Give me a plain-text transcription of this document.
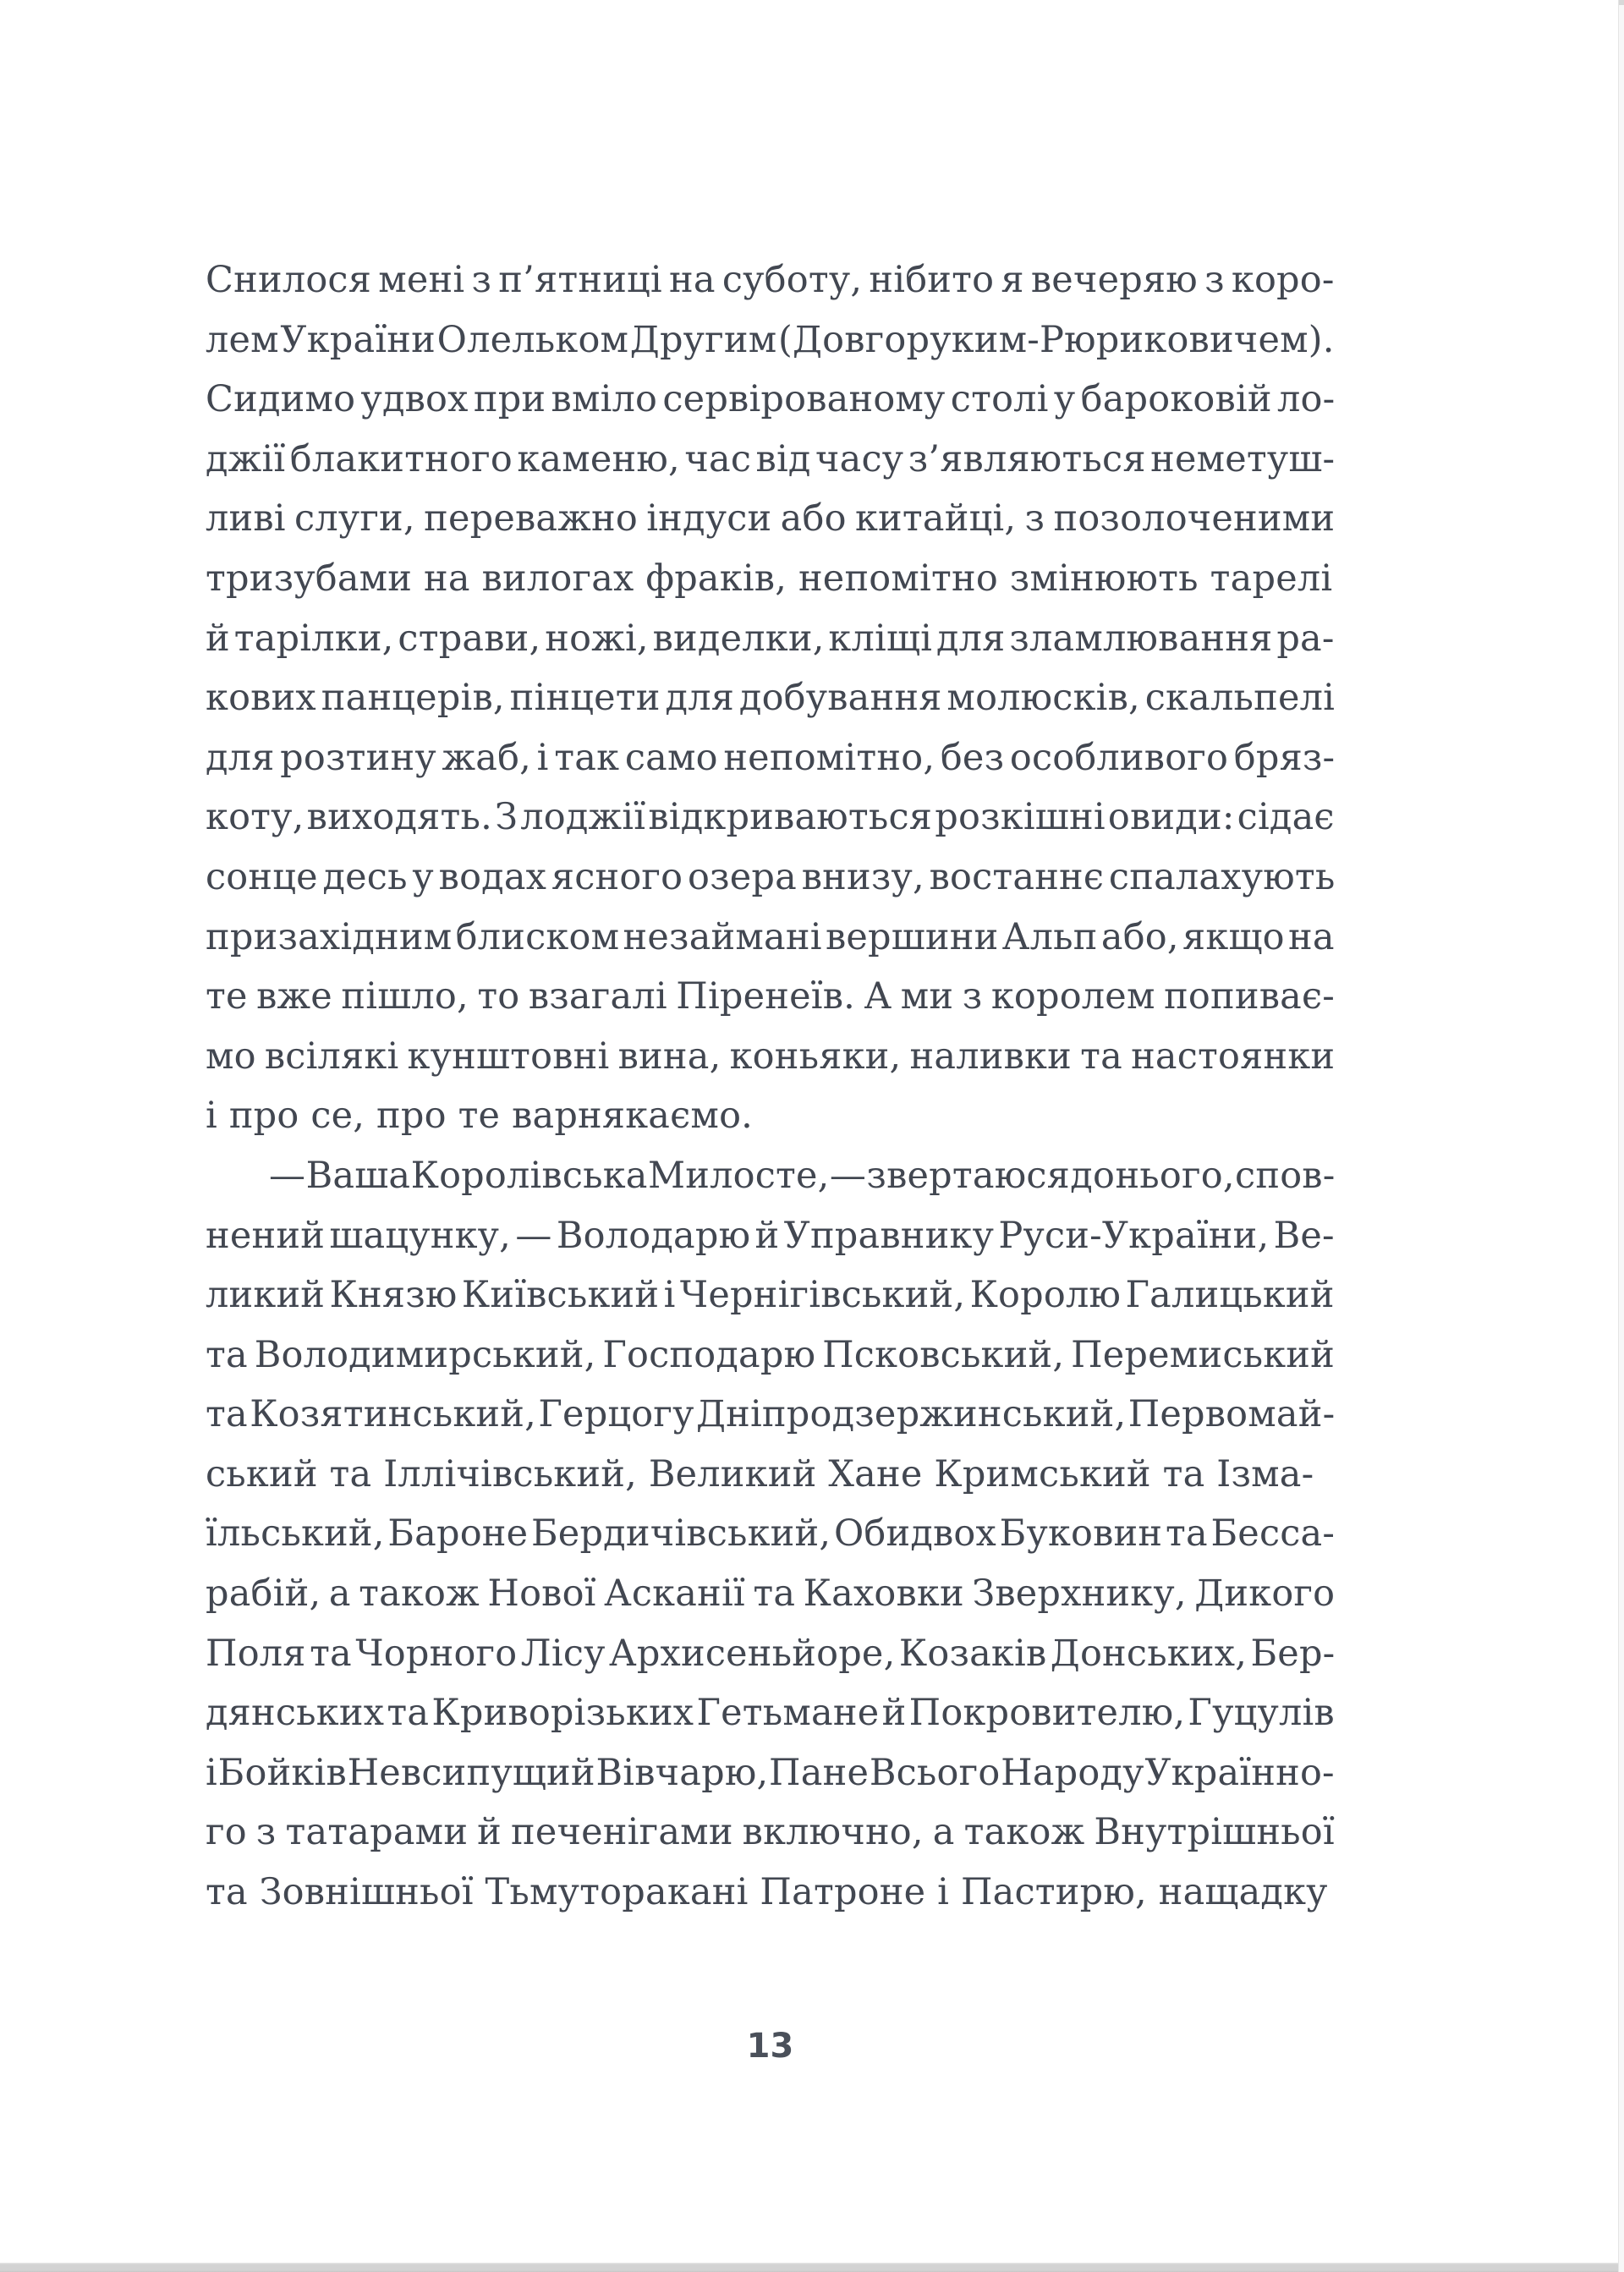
Снилося мені з п’ятниці на суботу, нібито я вечеряю з коро-
лем України Олельком Другим (Довгоруким-Рюриковичем).
Сидимо удвох при вміло сервірованому столі у бароковій ло-
джії блакитного каменю, час від часу з’являються неметуш-
ливі слуги, переважно індуси або китайці, з позолоченими
тризубами на вилогах фраків, непомітно змінюють тарелі
й тарілки, страви, ножі, виделки, кліщі для зламлювання ра-
кових панцерів, пінцети для добування молюсків, скальпелі
для розтину жаб, і так само непомітно, без особливого бряз-
коту, виходять. З лоджії відкриваються розкішні овиди: сідає
сонце десь у водах ясного озера внизу, востаннє спалахують
призахідним блиском незаймані вершини Альп або, якщо на
те вже пішло, то взагалі Піренеїв. А ми з королем попиває-
мо всілякі кунштовні вина, коньяки, наливки та настоянки
і про се, про те варнякаємо.
— Ваша Королівська Милосте, — звертаюся до нього, спов-
нений шацунку, — Володарю й Управнику Руси-України, Ве-
ликий Князю Київський і Чернігівський, Королю Галицький
та Володимирський, Господарю Псковський, Перемиський
та Козятинський, Герцогу Дніпродзержинський, Первомай-
ський та Іллічівський, Великий Хане Кримський та Ізма-
їльський, Бароне Бердичівський, Обидвох Буковин та Бесса-
рабій, а також Нової Асканії та Каховки Зверхнику, Дикого
Поля та Чорного Лісу Архисеньйоре, Козаків Донських, Бер-
дянських та Криворізьких Гетьмане й Покровителю, Гуцулів
і Бойків Невсипущий Вівчарю, Пане Всього Народу Українно-
го з татарами й печенігами включно, а також Внутрішньої
та Зовнішньої Тьмуторакані Патроне і Пастирю, нащадку
13
